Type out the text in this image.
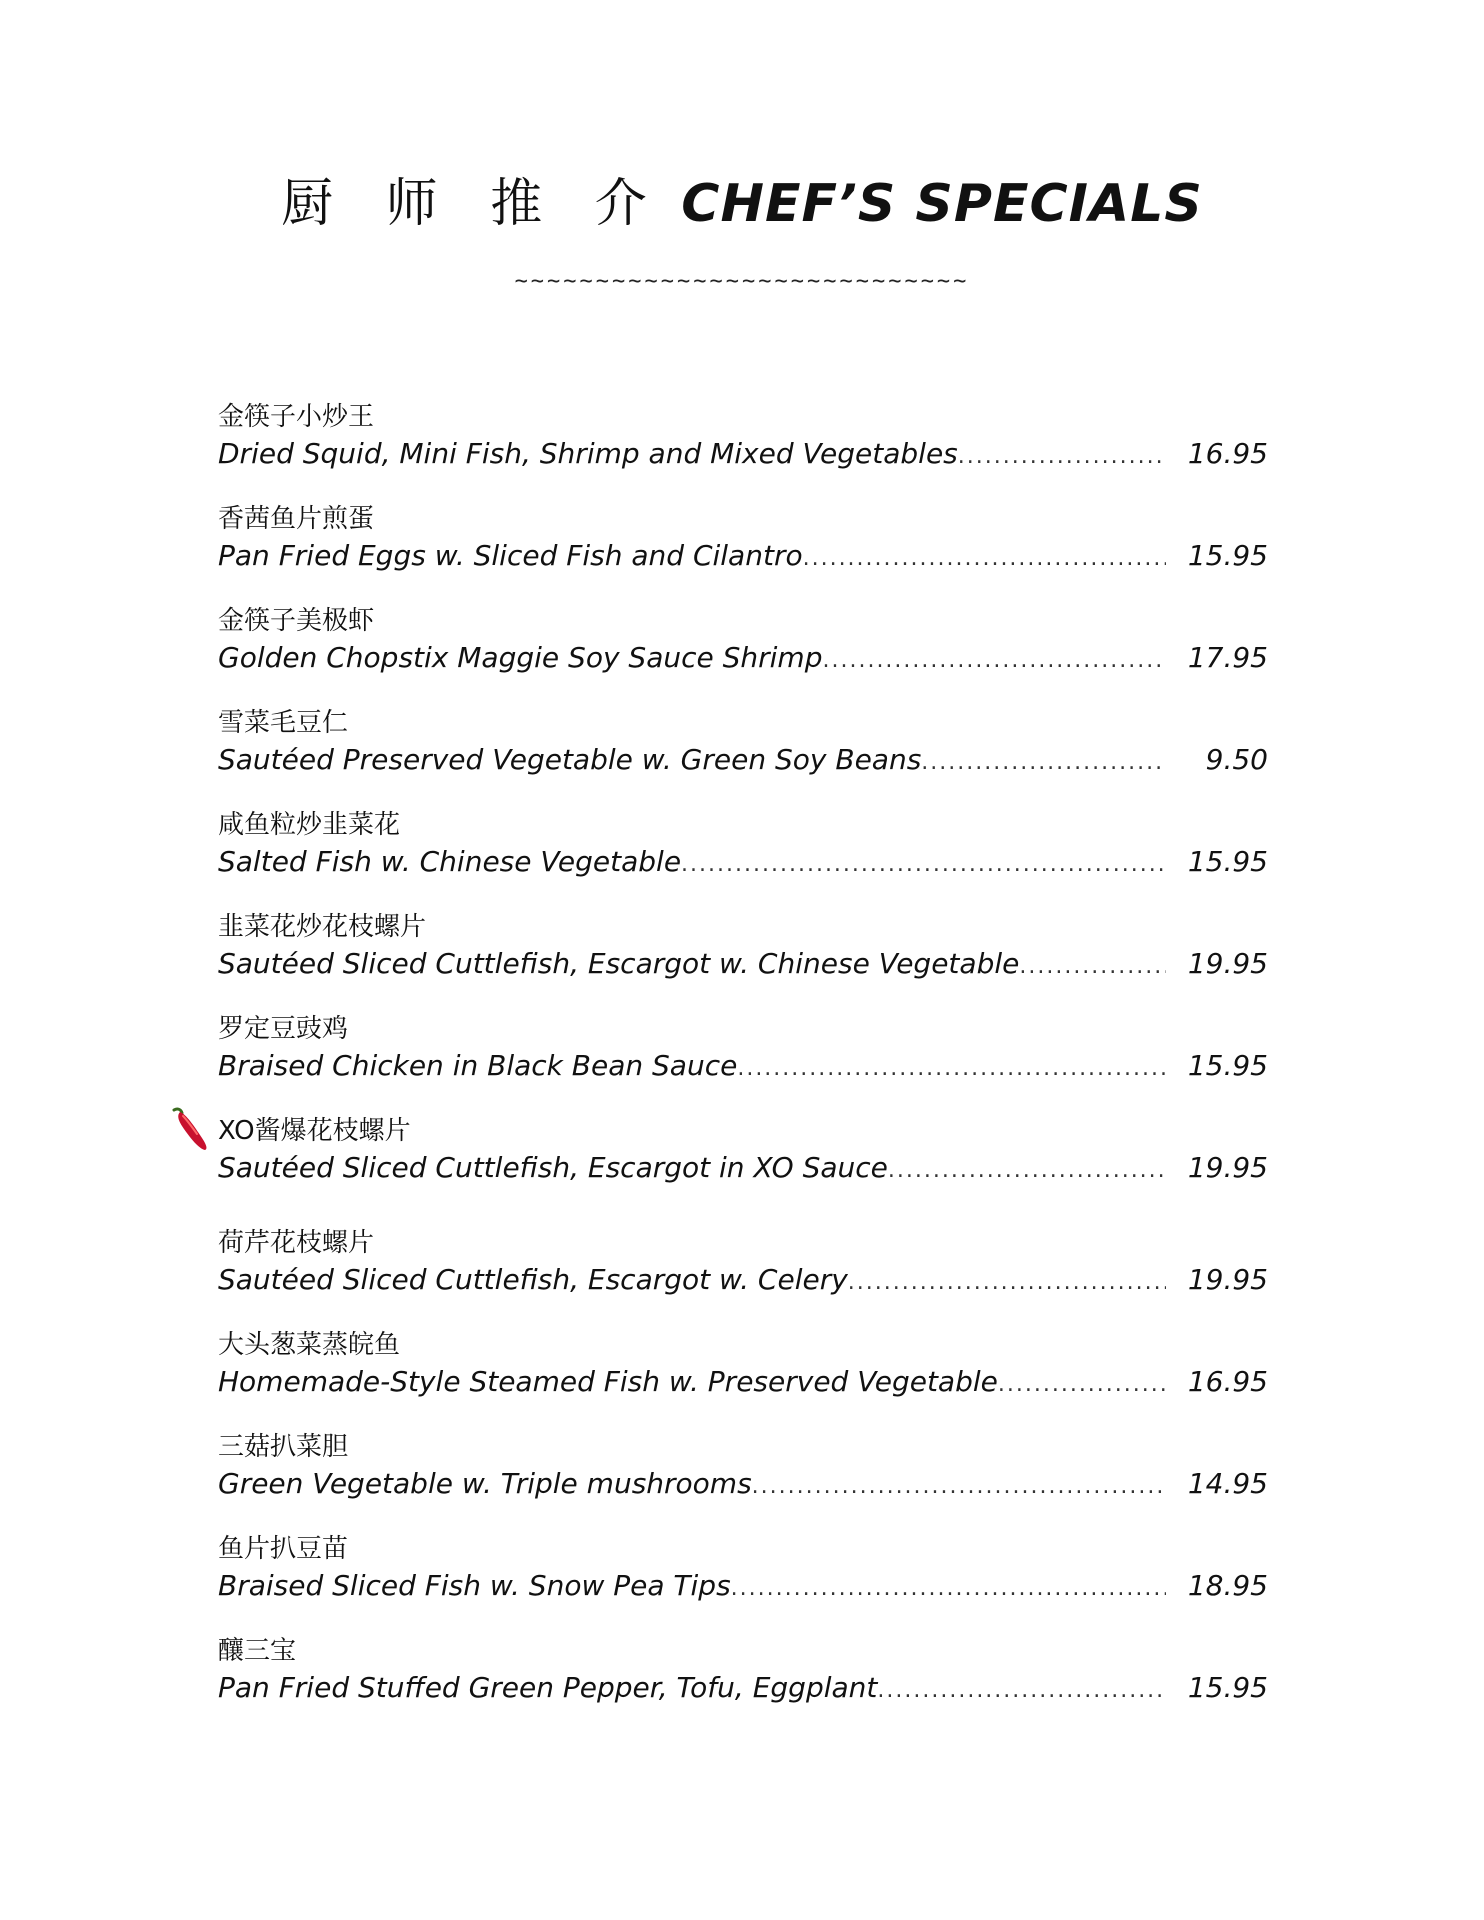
厨 师 推 介 CHEF’S SPECIALS
~~~~~~~~~~~~~~~~~~~~~~~~~~~~
金筷子小炒王
Dried Squid, Mini Fish, Shrimp and Mixed Vegetables .....	16.95
香茜鱼片煎蛋
Pan Fried Eggs w. Sliced Fish and Cilantro .....	15.95
金筷子美极虾
Golden Chopstix Maggie Soy Sauce Shrimp .....	17.95
雪菜毛豆仁
Sautéed Preserved Vegetable w. Green Soy Beans .....	9.50
咸鱼粒炒韭菜花
Salted Fish w. Chinese Vegetable .....	15.95
韭菜花炒花枝螺片
Sautéed Sliced Cuttlefish, Escargot w. Chinese Vegetable .....	19.95
罗定豆豉鸡
Braised Chicken in Black Bean Sauce .....	15.95
XO酱爆花枝螺片
Sautéed Sliced Cuttlefish, Escargot in XO Sauce .....	19.95
荷芹花枝螺片
Sautéed Sliced Cuttlefish, Escargot w. Celery .....	19.95
大头葱菜蒸皖鱼
Homemade-Style Steamed Fish w. Preserved Vegetable .....	16.95
三菇扒菜胆
Green Vegetable w. Triple mushrooms .....	14.95
鱼片扒豆苗
Braised Sliced Fish w. Snow Pea Tips .....	18.95
釀三宝
Pan Fried Stuffed Green Pepper, Tofu, Eggplant .....	15.95
